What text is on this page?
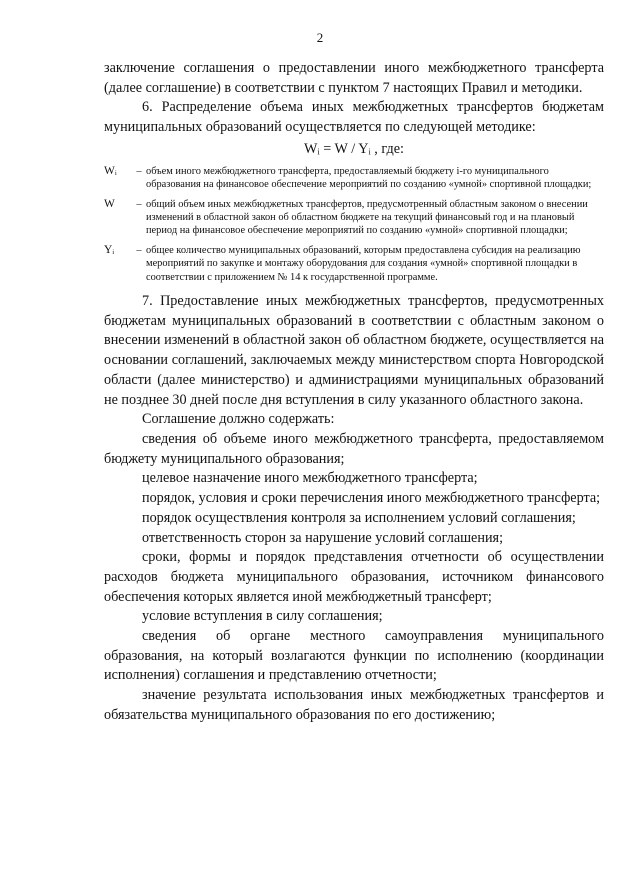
2

заключение соглашения о предоставлении иного межбюджетного трансферта (далее соглашение) в соответствии с пунктом 7 настоящих Правил и методики.

6. Распределение объема иных межбюджетных трансфертов бюджетам муниципальных образований осуществляется по следующей методике:

Wᵢ = W / Yᵢ , где:
Wᵢ	– объем иного межбюджетного трансферта, предоставляемый бюджету i-го муниципального образования на финансовое обеспечение мероприятий по созданию «умной» спортивной площадки;
W	– общий объем иных межбюджетных трансфертов, предусмотренный областным законом о внесении изменений в областной закон об областном бюджете на текущий финансовый год и на плановый период на финансовое обеспечение мероприятий по созданию «умной» спортивной площадки;
Yᵢ	– общее количество муниципальных образований, которым предоставлена субсидия на реализацию мероприятий по закупке и монтажу оборудования для создания «умной» спортивной площадки в соответствии с приложением № 14 к государственной программе.

7. Предоставление иных межбюджетных трансфертов, предусмотренных бюджетам муниципальных образований в соответствии с областным законом о внесении изменений в областной закон об областном бюджете, осуществляется на основании соглашений, заключаемых между министерством спорта Новгородской области (далее министерство) и администрациями муниципальных образований не позднее 30 дней после дня вступления в силу указанного областного закона.

Соглашение должно содержать:

сведения об объеме иного межбюджетного трансферта, предоставляемом бюджету муниципального образования;

целевое назначение иного межбюджетного трансферта;

порядок, условия и сроки перечисления иного межбюджетного трансферта;

порядок осуществления контроля за исполнением условий соглашения;

ответственность сторон за нарушение условий соглашения;

сроки, формы и порядок представления отчетности об осуществлении расходов бюджета муниципального образования, источником финансового обеспечения которых является иной межбюджетный трансферт;

условие вступления в силу соглашения;

сведения об органе местного самоуправления муниципального образования, на который возлагаются функции по исполнению (координации исполнения) соглашения и представлению отчетности;

значение результата использования иных межбюджетных трансфертов и обязательства муниципального образования по его достижению;
